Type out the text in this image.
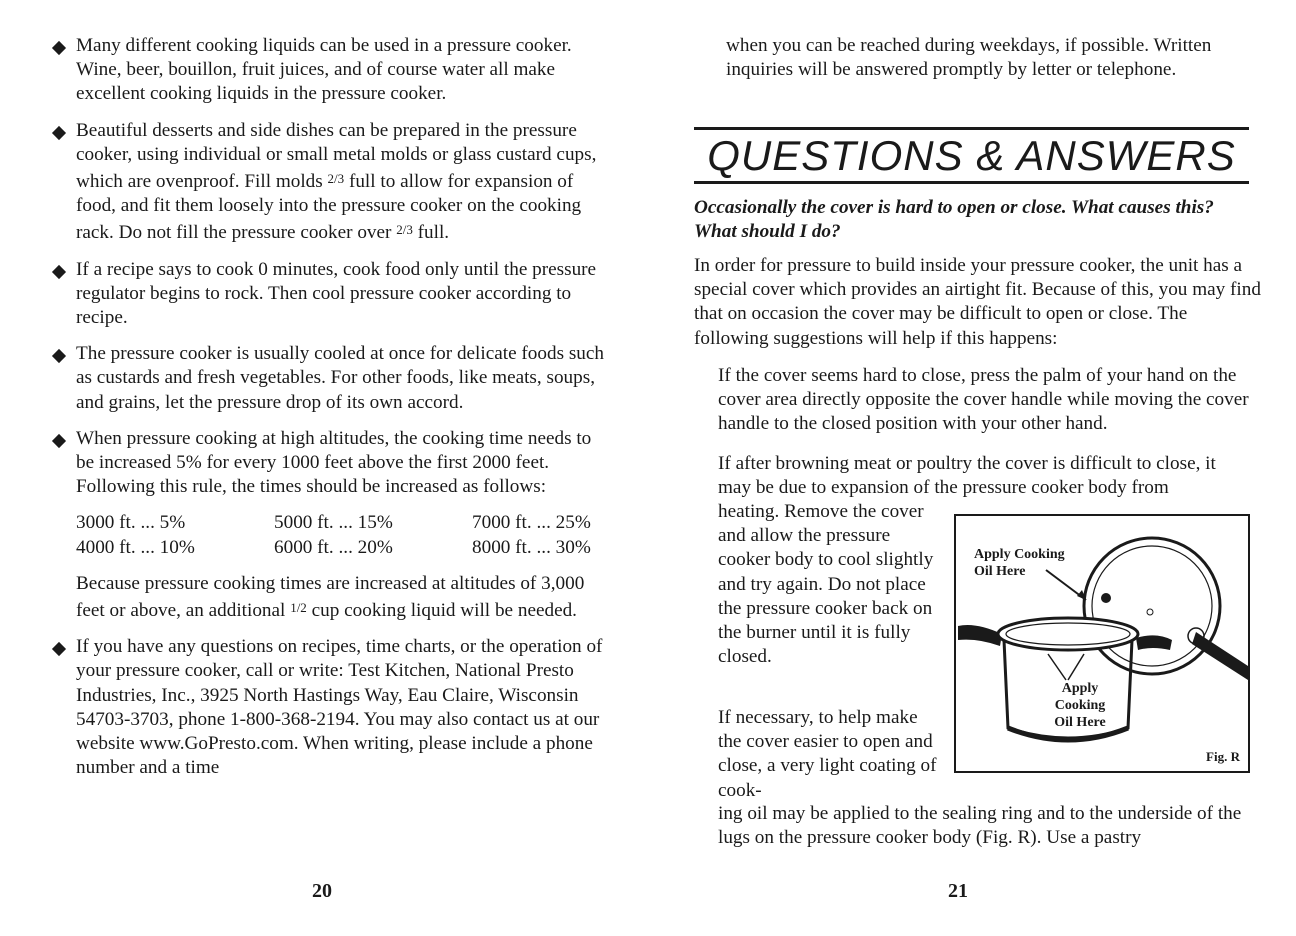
Many different cooking liquids can be used in a pressure cooker. Wine, beer, bouillon, fruit juices, and of course water all make excellent cooking liquids in the pressure cooker.

Beautiful desserts and side dishes can be prepared in the pressure cooker, using individual or small metal molds or glass custard cups, which are ovenproof. Fill molds $^{2/3}$ full to allow for expansion of food, and fit them loosely into the pressure cooker on the cooking rack. Do not fill the pressure cooker over $^{2/3}$ full.

If a recipe says to cook 0 minutes, cook food only until the pressure regulator begins to rock. Then cool pressure cooker according to recipe.

The pressure cooker is usually cooled at once for delicate foods such as custards and fresh vegetables. For other foods, like meats, soups, and grains, let the pressure drop of its own accord.

When pressure cooking at high altitudes, the cooking time needs to be increased 5% for every 1000 feet above the first 2000 feet. Following this rule, the times should be increased as follows:

3000 ft. ... 5%	5000 ft. ... 15%	7000 ft. ... 25%
4000 ft. ... 10%	6000 ft. ... 20%	8000 ft. ... 30%

Because pressure cooking times are increased at altitudes of 3,000 feet or above, an additional $^{1/2}$ cup cooking liquid will be needed.

If you have any questions on recipes, time charts, or the operation of your pressure cooker, call or write: Test Kitchen, National Presto Industries, Inc., 3925 North Hastings Way, Eau Claire, Wisconsin 54703-3703, phone 1-800-368-2194. You may also contact us at our website www.GoPresto.com. When writing, please include a phone number and a time

20

when you can be reached during weekdays, if possible. Written inquiries will be answered promptly by letter or telephone.

QUESTIONS & ANSWERS

Occasionally the cover is hard to open or close. What causes this? What should I do?

In order for pressure to build inside your pressure cooker, the unit has a special cover which provides an airtight fit. Because of this, you may find that on occasion the cover may be difficult to open or close. The following suggestions will help if this happens:

If the cover seems hard to close, press the palm of your hand on the cover area directly opposite the cover handle while moving the cover handle to the closed position with your other hand.

If after browning meat or poultry the cover is difficult to close, it may be due to expansion of the pressure cooker body from

heating. Remove the cover and allow the pressure cooker body to cool slightly and try again. Do not place the pressure cooker back on the burner until it is fully closed.

If necessary, to help make the cover easier to open and close, a very light coating of cook-

ing oil may be applied to the sealing ring and to the underside of the lugs on the pressure cooker body (Fig. R). Use a pastry

Apply Cooking
Oil Here
Apply
Cooking
Oil Here
Fig. R
21
